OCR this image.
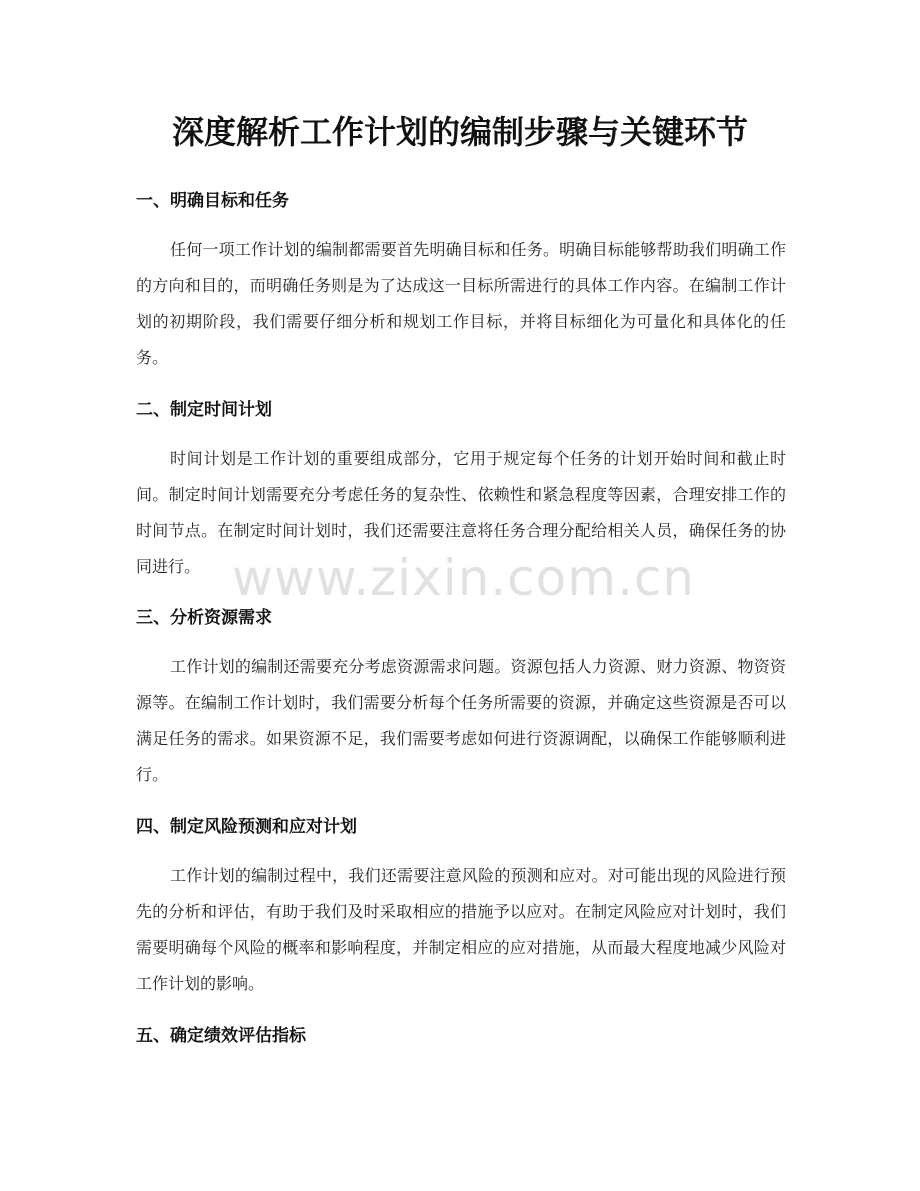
深度解析工作计划的编制步骤与关键环节
一、明确目标和任务

任何一项工作计划的编制都需要首先明确目标和任务。明确目标能够帮助我们明确工作的方向和目的，而明确任务则是为了达成这一目标所需进行的具体工作内容。在编制工作计划的初期阶段，我们需要仔细分析和规划工作目标，并将目标细化为可量化和具体化的任务。

二、制定时间计划

时间计划是工作计划的重要组成部分，它用于规定每个任务的计划开始时间和截止时间。制定时间计划需要充分考虑任务的复杂性、依赖性和紧急程度等因素，合理安排工作的时间节点。在制定时间计划时，我们还需要注意将任务合理分配给相关人员，确保任务的协同进行。

三、分析资源需求

工作计划的编制还需要充分考虑资源需求问题。资源包括人力资源、财力资源、物资资源等。在编制工作计划时，我们需要分析每个任务所需要的资源，并确定这些资源是否可以满足任务的需求。如果资源不足，我们需要考虑如何进行资源调配，以确保工作能够顺利进行。

四、制定风险预测和应对计划

工作计划的编制过程中，我们还需要注意风险的预测和应对。对可能出现的风险进行预先的分析和评估，有助于我们及时采取相应的措施予以应对。在制定风险应对计划时，我们需要明确每个风险的概率和影响程度，并制定相应的应对措施，从而最大程度地减少风险对工作计划的影响。

五、确定绩效评估指标
www.zixin.com.cn
